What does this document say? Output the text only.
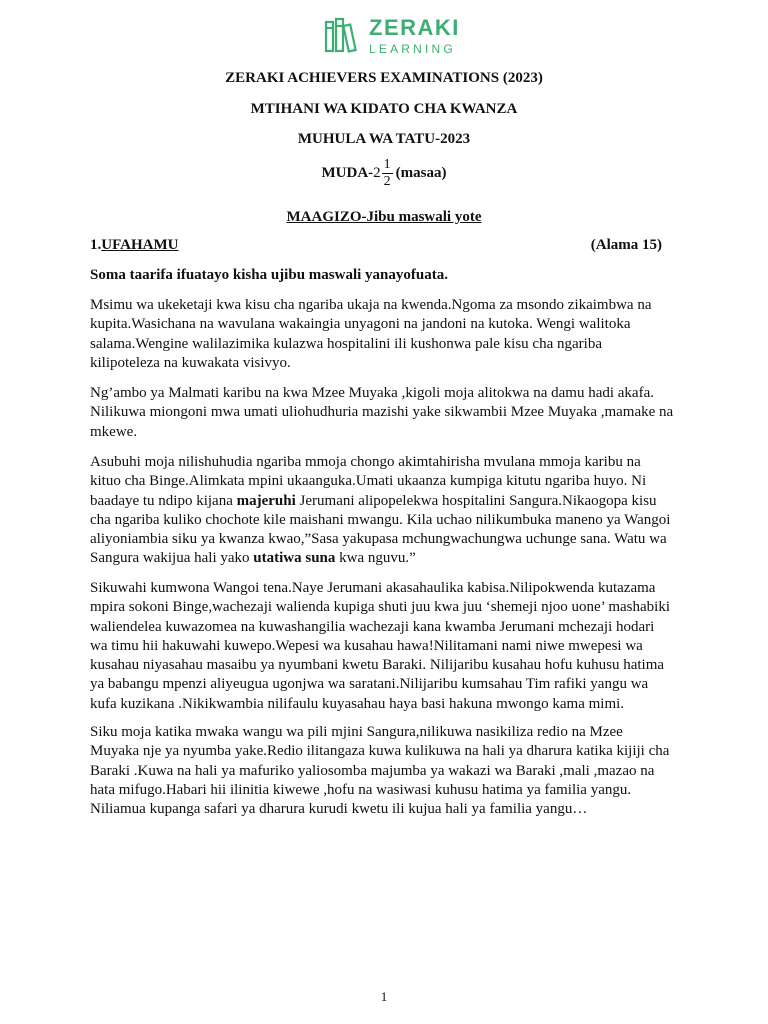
ZERAKI
LEARNING
ZERAKI ACHIEVERS EXAMINATIONS (2023)
MTIHANI WA KIDATO CHA KWANZA
MUHULA WA TATU-2023
MUDA- $2 \frac{1}{2}$ (masaa)
MAAGIZO-Jibu maswali yote
1.UFAHAMU	(Alama 15)
Soma taarifa ifuatayo kisha ujibu maswali yanayofuata.

Msimu wa ukeketaji kwa kisu cha ngariba ukaja na kwenda.Ngoma za msondo zikaimbwa na
kupita.Wasichana na wavulana wakaingia unyagoni na jandoni na kutoka. Wengi walitoka
salama.Wengine walilazimika kulazwa hospitalini ili kushonwa pale kisu cha ngariba
kilipoteleza na kuwakata visivyo.

Ng’ambo ya Malmati karibu na kwa Mzee Muyaka ,kigoli moja alitokwa na damu hadi akafa.
Nilikuwa miongoni mwa umati uliohudhuria mazishi yake sikwambii Mzee Muyaka ,mamake na
mkewe.

Asubuhi moja nilishuhudia ngariba mmoja chongo akimtahirisha mvulana mmoja karibu na
kituo cha Binge.Alimkata mpini ukaanguka.Umati ukaanza kumpiga kitutu ngariba huyo. Ni
baadaye tu ndipo kijana majeruhi Jerumani alipopelekwa hospitalini Sangura.Nikaogopa kisu
cha ngariba kuliko chochote kile maishani mwangu. Kila uchao nilikumbuka maneno ya Wangoi
aliyoniambia siku ya kwanza kwao,”Sasa yakupasa mchungwachungwa uchunge sana. Watu wa
Sangura wakijua hali yako utatiwa suna kwa nguvu.”

Sikuwahi kumwona Wangoi tena.Naye Jerumani akasahaulika kabisa.Nilipokwenda kutazama
mpira sokoni Binge,wachezaji walienda kupiga shuti juu kwa juu ‘shemeji njoo uone’ mashabiki
waliendelea kuwazomea na kuwashangilia wachezaji kana kwamba Jerumani mchezaji hodari
wa timu hii hakuwahi kuwepo.Wepesi wa kusahau hawa!Nilitamani nami niwe mwepesi wa
kusahau niyasahau masaibu ya nyumbani kwetu Baraki. Nilijaribu kusahau hofu kuhusu hatima
ya babangu mpenzi aliyeugua ugonjwa wa saratani.Nilijaribu kumsahau Tim rafiki yangu wa
kufa kuzikana .Nikikwambia nilifaulu kuyasahau haya basi hakuna mwongo kama mimi.

Siku moja katika mwaka wangu wa pili mjini Sangura,nilikuwa nasikiliza redio na Mzee
Muyaka nje ya nyumba yake.Redio ilitangaza kuwa kulikuwa na hali ya dharura katika kijiji cha
Baraki .Kuwa na hali ya mafuriko yaliosomba majumba ya wakazi wa Baraki ,mali ,mazao na
hata mifugo.Habari hii ilinitia kiwewe ,hofu na wasiwasi kuhusu hatima ya familia yangu.
Niliamua kupanga safari ya dharura kurudi kwetu ili kujua hali ya familia yangu…

1
